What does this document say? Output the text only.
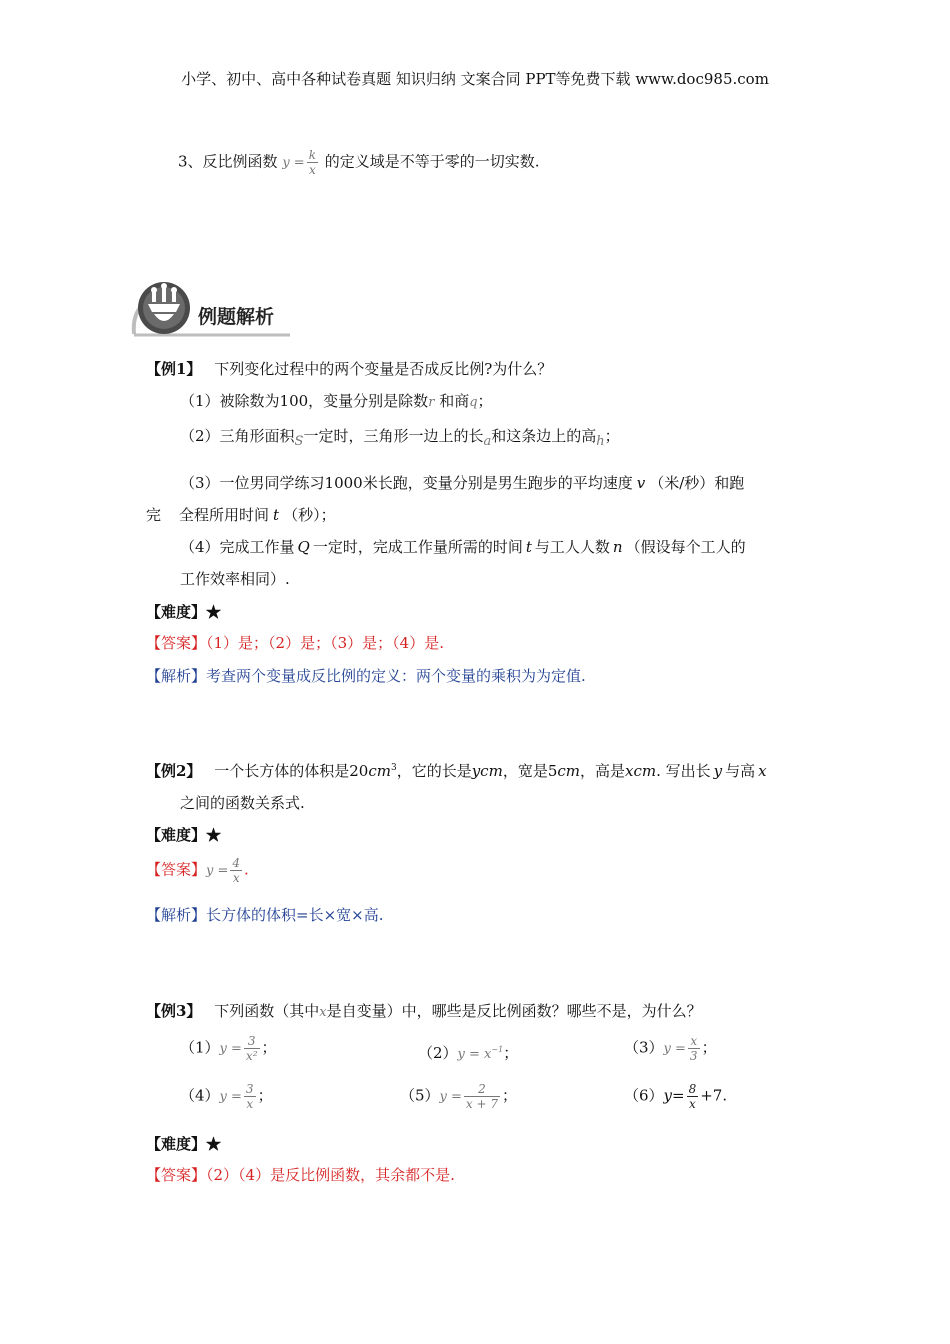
小学、初中、高中各种试卷真题 知识归纳 文案合同 PPT等免费下载 www.doc985.com
3、反比例函数 $y = \frac{k}{x}$ 的定义域是不等于零的一切实数.
例题解析
【例1】 下列变化过程中的两个变量是否成反比例?为什么？
（1）被除数为100，变量分别是除数r 和商q；
（2）三角形面积S一定时，三角形一边上的长a和这条边上的高h；
（3）一位男同学练习1000米长跑，变量分别是男生跑步的平均速度 v （米/秒）和跑
完 全程所用时间 t （秒）；
（4）完成工作量 Q 一定时，完成工作量所需的时间 t 与工人人数 n （假设每个工人的
工作效率相同）.
【难度】★
【答案】（1）是；（2）是；（3）是；（4）是.
【解析】考查两个变量成反比例的定义：两个变量的乘积为为定值.
【例2】 一个长方体的体积是$20cm^3$，它的长是ycm，宽是5cm，高是xcm. 写出长 y 与高 x
之间的函数关系式.
【难度】★
【答案】$y = \frac{4}{x}$ .
【解析】长方体的体积=长×宽×高.
【例3】 下列函数（其中x是自变量）中，哪些是反比例函数？哪些不是，为什么？
$(1)y = \frac{3}{\text{x²}}$ ；	$(2)y = x^{-1}$；	$(3)y = \frac{x}{3}$ ；
$(4)y = \frac{3}{x}$ ；	$(5)y = \frac{2}{x + 7}$ ；	$(6)y= \frac{8}{x} +7$.
【难度】★
【答案】（2）（4）是反比例函数，其余都不是.
